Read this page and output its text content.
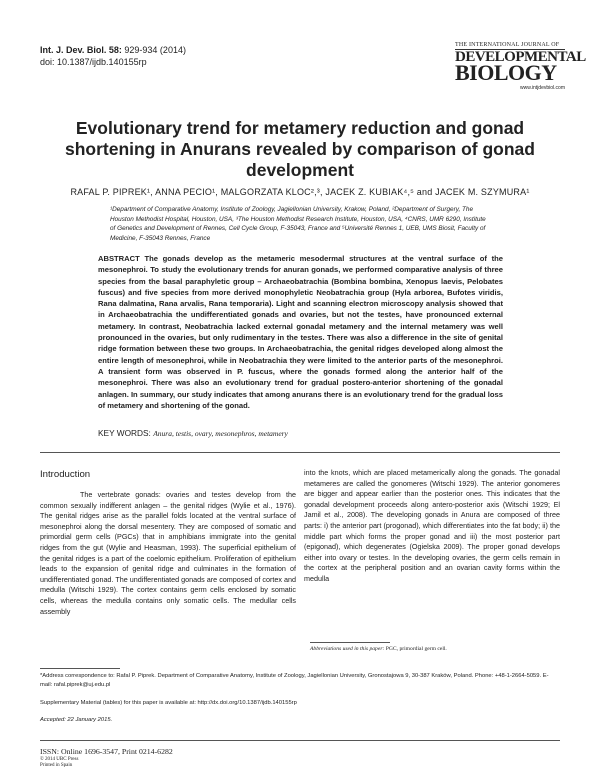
Int. J. Dev. Biol. 58: 929-934 (2014)
doi: 10.1387/ijdb.140155rp
THE INTERNATIONAL JOURNAL OF
DEVELOPMENTAL
BIOLOGY
www.intjdevbiol.com
Evolutionary trend for metamery reduction and gonad shortening in Anurans revealed by comparison of gonad development
RAFAL P. PIPREK¹, ANNA PECIO¹, MALGORZATA KLOC²,³, JACEK Z. KUBIAK⁴,⁵ and JACEK M. SZYMURA¹
¹Department of Comparative Anatomy, Institute of Zoology, Jagiellonian University, Krakow, Poland, ²Department of Surgery, The Houston Methodist Hospital, Houston, USA, ³The Houston Methodist Research Institute, Houston, USA, ⁴CNRS, UMR 6290, Institute of Genetics and Development of Rennes, Cell Cycle Group, F-35043, France and ⁵Université Rennes 1, UEB, UMS Biosit, Faculty of Medicine, F-35043 Rennes, France
ABSTRACT The gonads develop as the metameric mesodermal structures at the ventral surface of the mesonephroi. To study the evolutionary trends for anuran gonads, we performed comparative analysis of three species from the basal paraphyletic group – Archaeobatrachia (Bombina bombina, Xenopus laevis, Pelobates fuscus) and five species from more derived monophyletic Neobatrachia group (Hyla arborea, Bufotes viridis, Rana dalmatina, Rana arvalis, Rana temporaria). Light and scanning electron microscopy analysis showed that in Archaeobatrachia the undifferentiated gonads and ovaries, but not the testes, have pronounced external metamery. In contrast, Neobatrachia lacked external gonadal metamery and the internal metamery was well pronounced in the ovaries, but only rudimentary in the testes. There was also a difference in the site of genital ridge formation between these two groups. In Archaeobatrachia, the genital ridges developed along almost the entire length of mesonephroi, while in Neobatrachia they were limited to the anterior parts of the mesonephroi. A transient form was observed in P. fuscus, where the gonads formed along the anterior half of the mesonephroi. There was also an evolutionary trend for gradual postero-anterior shortening of the gonadal anlagen. In summary, our study indicates that among anurans there is an evolutionary trend for the gradual loss of metamery and shortening of the gonad.
KEY WORDS: Anura, testis, ovary, mesonephros, metamery
Introduction

The vertebrate gonads: ovaries and testes develop from the common sexually indifferent anlagen – the genital ridges (Wylie et al., 1976). The genital ridges arise as the parallel folds located at the ventral surface of mesonephroi along the dorsal mesentery. They are composed of somatic and primordial germ cells (PGCs) that in amphibians immigrate into the genital ridges from the gut (Wylie and Heasman, 1993). The superficial epithelium of the genital ridges is a part of the coelomic epithelium. Proliferation of epithelium leads to the expansion of genital ridge and culminates in the formation of undifferentiated gonad. The undifferentiated gonads are composed of cortex and medulla (Witschi 1929). The cortex contains germ cells enclosed by somatic cells, whereas the medulla contains only somatic cells. The medullar cells assembly

into the knots, which are placed metamerically along the gonads. The gonadal metameres are called the gonomeres (Witschi 1929). The anterior gonomeres are bigger and appear earlier than the posterior ones. This indicates that the gonadal development proceeds along antero-posterior axis (Witschi 1929; El Jamil et al., 2008). The developing gonads in Anura are composed of three parts: i) the anterior part (progonad), which differentiates into the fat body; ii) the middle part which forms the proper gonad and iii) the most posterior part (epigonad), which degenerates (Ogielska 2009). The proper gonad develops either into ovary or testes. In the developing ovaries, the germ cells remain in the cortex at the peripheral position and an ovarian cavity forms within the medulla

Abbreviations used in this paper: PGC, primordial germ cell.
*Address correspondence to: Rafal P. Piprek. Department of Comparative Anatomy, Institute of Zoology, Jagiellonian University, Gronostajowa 9, 30-387 Kraków, Poland. Phone: +48-1-2664-5059. E-mail: rafal.piprek@uj.edu.pl
Supplementary Material (tables) for this paper is available at: http://dx.doi.org/10.1387/ijdb.140155rp
Accepted: 22 January 2015.
ISSN: Online 1696-3547, Print 0214-6282
© 2014 UBC Press
Printed in Spain
